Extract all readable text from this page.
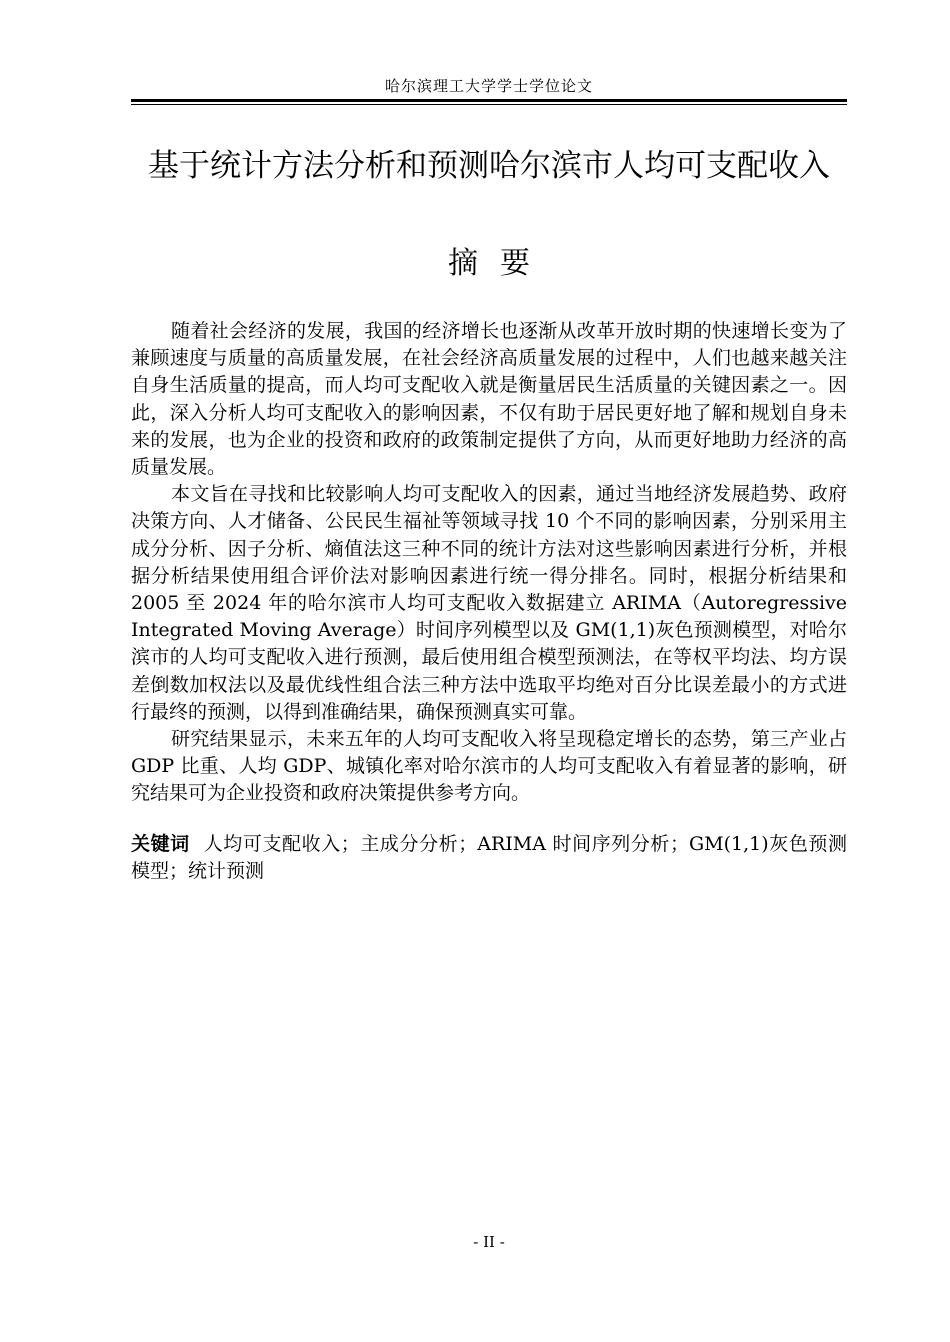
哈尔滨理工大学学士学位论文
基于统计方法分析和预测哈尔滨市人均可支配收入
摘要

随着社会经济的发展，我国的经济增长也逐渐从改革开放时期的快速增长变为了兼顾速度与质量的高质量发展，在社会经济高质量发展的过程中，人们也越来越关注自身生活质量的提高，而人均可支配收入就是衡量居民生活质量的关键因素之一。因此，深入分析人均可支配收入的影响因素，不仅有助于居民更好地了解和规划自身未来的发展，也为企业的投资和政府的政策制定提供了方向，从而更好地助力经济的高质量发展。

本文旨在寻找和比较影响人均可支配收入的因素，通过当地经济发展趋势、政府决策方向、人才储备、公民民生福祉等领域寻找 10 个不同的影响因素，分别采用主成分分析、因子分析、熵值法这三种不同的统计方法对这些影响因素进行分析，并根据分析结果使用组合评价法对影响因素进行统一得分排名。同时，根据分析结果和 2005 至 2024 年的哈尔滨市人均可支配收入数据建立 ARIMA（Autoregressive Integrated Moving Average）时间序列模型以及 GM(1,1)灰色预测模型，对哈尔滨市的人均可支配收入进行预测，最后使用组合模型预测法，在等权平均法、均方误差倒数加权法以及最优线性组合法三种方法中选取平均绝对百分比误差最小的方式进行最终的预测，以得到准确结果，确保预测真实可靠。

研究结果显示，未来五年的人均可支配收入将呈现稳定增长的态势，第三产业占 GDP 比重、人均 GDP、城镇化率对哈尔滨市的人均可支配收入有着显著的影响，研究结果可为企业投资和政府决策提供参考方向。

关键词 人均可支配收入；主成分分析；ARIMA 时间序列分析；GM(1,1)灰色预测模型；统计预测
- II -
